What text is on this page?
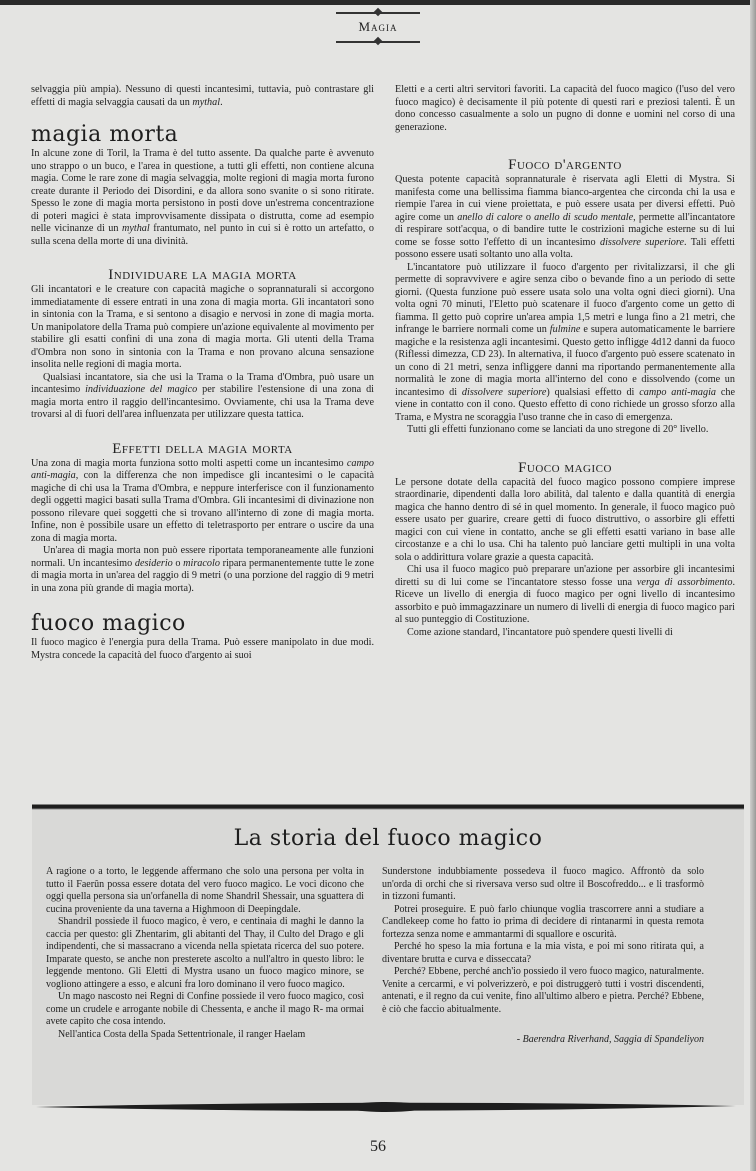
Magia

selvaggia più ampia). Nessuno di questi incantesimi, tuttavia, può contrastare gli effetti di magia selvaggia causati da un mythal.

magia morta

In alcune zone di Toril, la Trama è del tutto assente. Da qualche parte è avvenuto uno strappo o un buco, e l'area in questione, a tutti gli effetti, non contiene alcuna magia. Come le rare zone di magia selvaggia, molte regioni di magia morta furono create durante il Periodo dei Disordini, e da allora sono svanite o si sono ritirate. Spesso le zone di magia morta persistono in posti dove un'estrema concentrazione di poteri magici è stata improvvisamente dissipata o distrutta, come ad esempio nelle vicinanze di un mythal frantumato, nel punto in cui si è rotto un artefatto, o sulla scena della morte di una divinità.

Individuare la magia morta

Gli incantatori e le creature con capacità magiche o soprannaturali si accorgono immediatamente di essere entrati in una zona di magia morta. Gli incantatori sono in sintonia con la Trama, e si sentono a disagio e nervosi in zone di magia morta. Un manipolatore della Trama può compiere un'azione equivalente al movimento per stabilire gli esatti confini di una zona di magia morta. Gli utenti della Trama d'Ombra non sono in sintonia con la Trama e non provano alcuna sensazione insolita nelle regioni di magia morta.

Qualsiasi incantatore, sia che usi la Trama o la Trama d'Ombra, può usare un incantesimo individuazione del magico per stabilire l'estensione di una zona di magia morta entro il raggio dell'incantesimo. Ovviamente, chi usa la Trama deve trovarsi al di fuori dell'area influenzata per utilizzare questa tattica.

Effetti della magia morta

Una zona di magia morta funziona sotto molti aspetti come un incantesimo campo anti-magia, con la differenza che non impedisce gli incantesimi o le capacità magiche di chi usa la Trama d'Ombra, e neppure interferisce con il funzionamento degli oggetti magici basati sulla Trama d'Ombra. Gli incantesimi di divinazione non possono rilevare quei soggetti che si trovano all'interno di zone di magia morta. Infine, non è possibile usare un effetto di teletrasporto per entrare o uscire da una zona di magia morta.

Un'area di magia morta non può essere riportata temporaneamente alle funzioni normali. Un incantesimo desiderio o miracolo ripara permanentemente tutte le zone di magia morta in un'area del raggio di 9 metri (o una porzione del raggio di 9 metri in una zona più grande di magia morta).

fuoco magico

Il fuoco magico è l'energia pura della Trama. Può essere manipolato in due modi. Mystra concede la capacità del fuoco d'argento ai suoi

Eletti e a certi altri servitori favoriti. La capacità del fuoco magico (l'uso del vero fuoco magico) è decisamente il più potente di questi rari e preziosi talenti. È un dono concesso casualmente a solo un pugno di donne e uomini nel corso di una generazione.

Fuoco d'argento

Questa potente capacità soprannaturale è riservata agli Eletti di Mystra. Si manifesta come una bellissima fiamma bianco-argentea che circonda chi la usa e riempie l'area in cui viene proiettata, e può essere usata per diversi effetti. Può agire come un anello di calore o anello di scudo mentale, permette all'incantatore di respirare sott'acqua, o di bandire tutte le costrizioni magiche esterne su di lui come se fosse sotto l'effetto di un incantesimo dissolvere superiore. Tali effetti possono essere usati soltanto uno alla volta.

L'incantatore può utilizzare il fuoco d'argento per rivitalizzarsi, il che gli permette di sopravvivere e agire senza cibo o bevande fino a un periodo di sette giorni. (Questa funzione può essere usata solo una volta ogni dieci giorni). Una volta ogni 70 minuti, l'Eletto può scatenare il fuoco d'argento come un getto di fiamma. Il getto può coprire un'area ampia 1,5 metri e lunga fino a 21 metri, che infrange le barriere normali come un fulmine e supera automaticamente le barriere magiche e la resistenza agli incantesimi. Questo getto infligge 4d12 danni da fuoco (Riflessi dimezza, CD 23). In alternativa, il fuoco d'argento può essere scatenato in un cono di 21 metri, senza infliggere danni ma riportando permanentemente alla normalità le zone di magia morta all'interno del cono e dissolvendo (come un incantesimo di dissolvere superiore) qualsiasi effetto di campo anti-magia che viene in contatto con il cono. Questo effetto di cono richiede un grosso sforzo alla Trama, e Mystra ne scoraggia l'uso tranne che in caso di emergenza.

Tutti gli effetti funzionano come se lanciati da uno stregone di 20° livello.

Fuoco magico

Le persone dotate della capacità del fuoco magico possono compiere imprese straordinarie, dipendenti dalla loro abilità, dal talento e dalla quantità di energia magica che hanno dentro di sé in quel momento. In generale, il fuoco magico può essere usato per guarire, creare getti di fuoco distruttivo, o assorbire gli effetti magici con cui viene in contatto, anche se gli effetti esatti variano in base alle circostanze e a chi lo usa. Chi ha talento può lanciare getti multipli in una volta sola o addirittura volare grazie a questa capacità.

Chi usa il fuoco magico può preparare un'azione per assorbire gli incantesimi diretti su di lui come se l'incantatore stesso fosse una verga di assorbimento. Riceve un livello di energia di fuoco magico per ogni livello di incantesimo assorbito e può immagazzinare un numero di livelli di energia di fuoco magico pari al suo punteggio di Costituzione.

Come azione standard, l'incantatore può spendere questi livelli di

La storia del fuoco magico

A ragione o a torto, le leggende affermano che solo una persona per volta in tutto il Faerûn possa essere dotata del vero fuoco magico. Le voci dicono che oggi quella persona sia un'orfanella di nome Shandril Shessair, una sguattera di cucina proveniente da una taverna a Highmoon di Deepingdale.

Shandril possiede il fuoco magico, è vero, e centinaia di maghi le danno la caccia per questo: gli Zhentarim, gli abitanti del Thay, il Culto del Drago e gli indipendenti, che si massacrano a vicenda nella spietata ricerca del suo potere. Imparate questo, se anche non presterete ascolto a null'altro in questo libro: le leggende mentono. Gli Eletti di Mystra usano un fuoco magico minore, se vogliono attingere a esso, e alcuni fra loro dominano il vero fuoco magico.

Un mago nascosto nei Regni di Confine possiede il vero fuoco magico, così come un crudele e arrogante nobile di Chessenta, e anche il mago R- ma ormai avete capito che cosa intendo.

Nell'antica Costa della Spada Settentrionale, il ranger Haelam

Sunderstone indubbiamente possedeva il fuoco magico. Affrontò da solo un'orda di orchi che si riversava verso sud oltre il Boscofreddo... e li trasformò in tizzoni fumanti.

Potrei proseguire. E può farlo chiunque voglia trascorrere anni a studiare a Candlekeep come ho fatto io prima di decidere di rintanarmi in questa remota fortezza senza nome e ammantarmi di squallore e oscurità.

Perché ho speso la mia fortuna e la mia vista, e poi mi sono ritirata qui, a diventare brutta e curva e disseccata?

Perché? Ebbene, perché anch'io possiedo il vero fuoco magico, naturalmente. Venite a cercarmi, e vi polverizzerò, e poi distruggerò tutti i vostri discendenti, antenati, e il regno da cui venite, fino all'ultimo albero e pietra. Perché? Ebbene, è ciò che faccio abitualmente.

- Baerendra Riverhand, Saggia di Spandeliyon

56
